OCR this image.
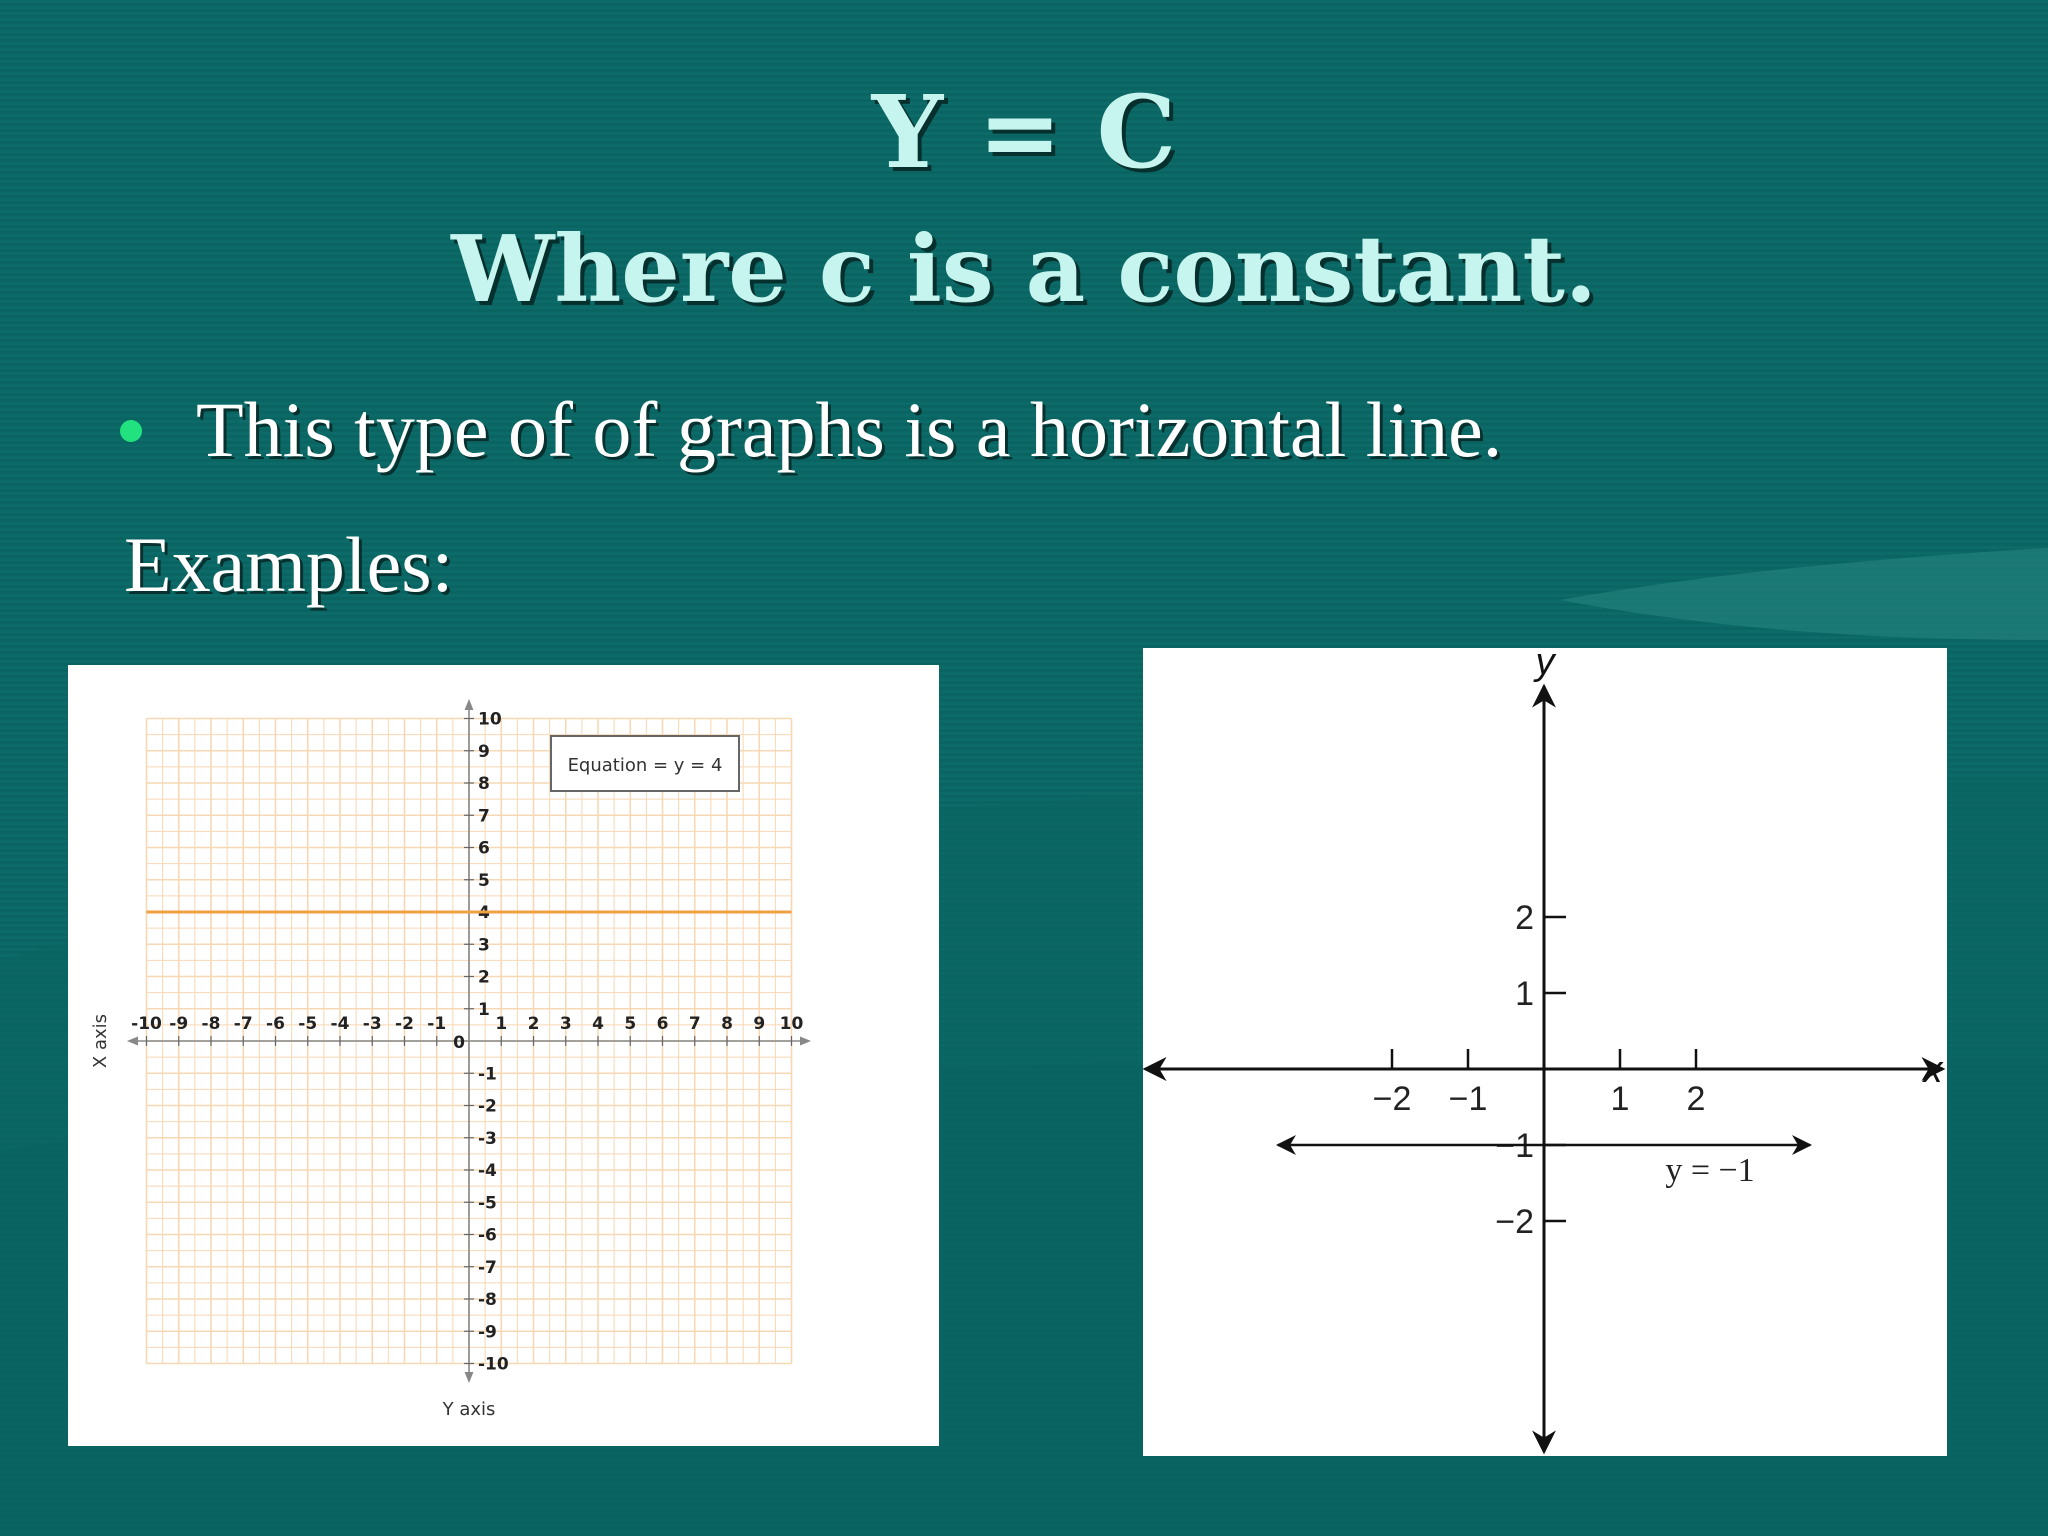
Y = C
Where c is a constant.
This type of of graphs is a horizontal line.
Examples:
-10 -9 -8 -7 -6 -5 -4 -3 -2 -1	1 2 3 4 5 6 7 8 9 10
10
9
8
7
6
5
4
3
2
1
-1
-2
-3
-4
-5
-6
-7
-8
-9
-10
0
Equation = y = 4
Y axis
X axis
−2 −1	1 2
2
1
−1
−2
y = −1
x
y
